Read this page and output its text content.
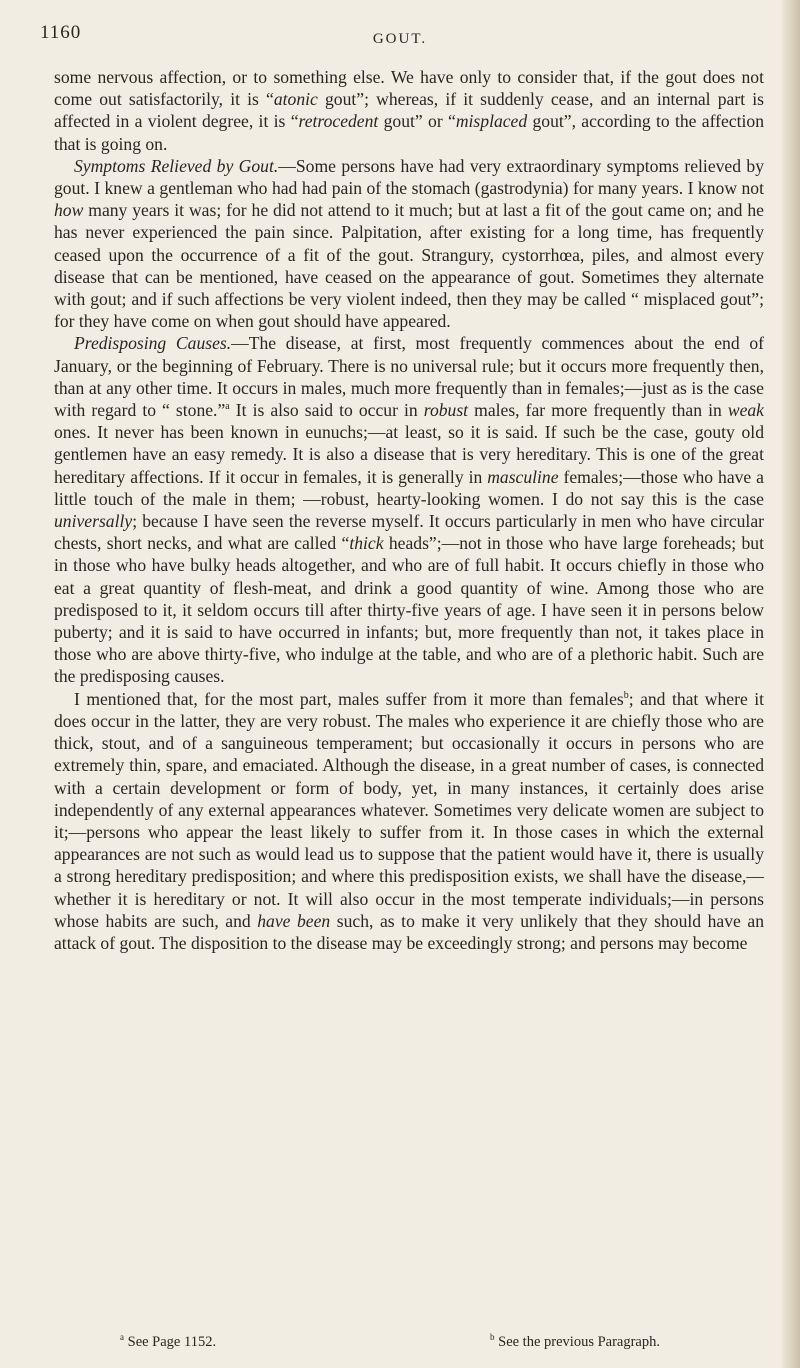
1160	GOUT.

some nervous affection, or to something else. We have only to consider that, if the gout does not come out satisfactorily, it is “atonic gout”; whereas, if it suddenly cease, and an internal part is affected in a violent degree, it is “retrocedent gout” or “misplaced gout”, according to the affection that is going on.

Symptoms Relieved by Gout.—Some persons have had very extraordinary symptoms relieved by gout. I knew a gentleman who had had pain of the stomach (gastrodynia) for many years. I know not how many years it was; for he did not attend to it much; but at last a fit of the gout came on; and he has never experienced the pain since. Palpitation, after existing for a long time, has frequently ceased upon the occurrence of a fit of the gout. Strangury, cystorrhœa, piles, and almost every disease that can be mentioned, have ceased on the appearance of gout. Sometimes they alternate with gout; and if such affections be very violent indeed, then they may be called “ misplaced gout”; for they have come on when gout should have appeared.

Predisposing Causes.—The disease, at first, most frequently commences about the end of January, or the beginning of February. There is no universal rule; but it occurs more frequently then, than at any other time. It occurs in males, much more frequently than in females;—just as is the case with regard to “ stone.”$^a$ It is also said to occur in robust males, far more frequently than in weak ones. It never has been known in eunuchs;—at least, so it is said. If such be the case, gouty old gentlemen have an easy remedy. It is also a disease that is very hereditary. This is one of the great hereditary affections. If it occur in females, it is generally in masculine females;—those who have a little touch of the male in them; —robust, hearty-looking women. I do not say this is the case universally; because I have seen the reverse myself. It occurs particularly in men who have circular chests, short necks, and what are called “thick heads”;—not in those who have large foreheads; but in those who have bulky heads altogether, and who are of full habit. It occurs chiefly in those who eat a great quantity of flesh-meat, and drink a good quantity of wine. Among those who are predisposed to it, it seldom occurs till after thirty-five years of age. I have seen it in persons below puberty; and it is said to have occurred in infants; but, more frequently than not, it takes place in those who are above thirty-five, who indulge at the table, and who are of a plethoric habit. Such are the predisposing causes.

I mentioned that, for the most part, males suffer from it more than females$^b$; and that where it does occur in the latter, they are very robust. The males who experience it are chiefly those who are thick, stout, and of a sanguineous temperament; but occasionally it occurs in persons who are extremely thin, spare, and emaciated. Although the disease, in a great number of cases, is connected with a certain development or form of body, yet, in many instances, it certainly does arise independently of any external appearances whatever. Sometimes very delicate women are subject to it;—persons who appear the least likely to suffer from it. In those cases in which the external appearances are not such as would lead us to suppose that the patient would have it, there is usually a strong hereditary predisposition; and where this predisposition exists, we shall have the disease,—whether it is hereditary or not. It will also occur in the most temperate individuals;—in persons whose habits are such, and have been such, as to make it very unlikely that they should have an attack of gout. The disposition to the disease may be exceedingly strong; and persons may become

$^a$ See Page 1152.	$^b$ See the previous Paragraph.
